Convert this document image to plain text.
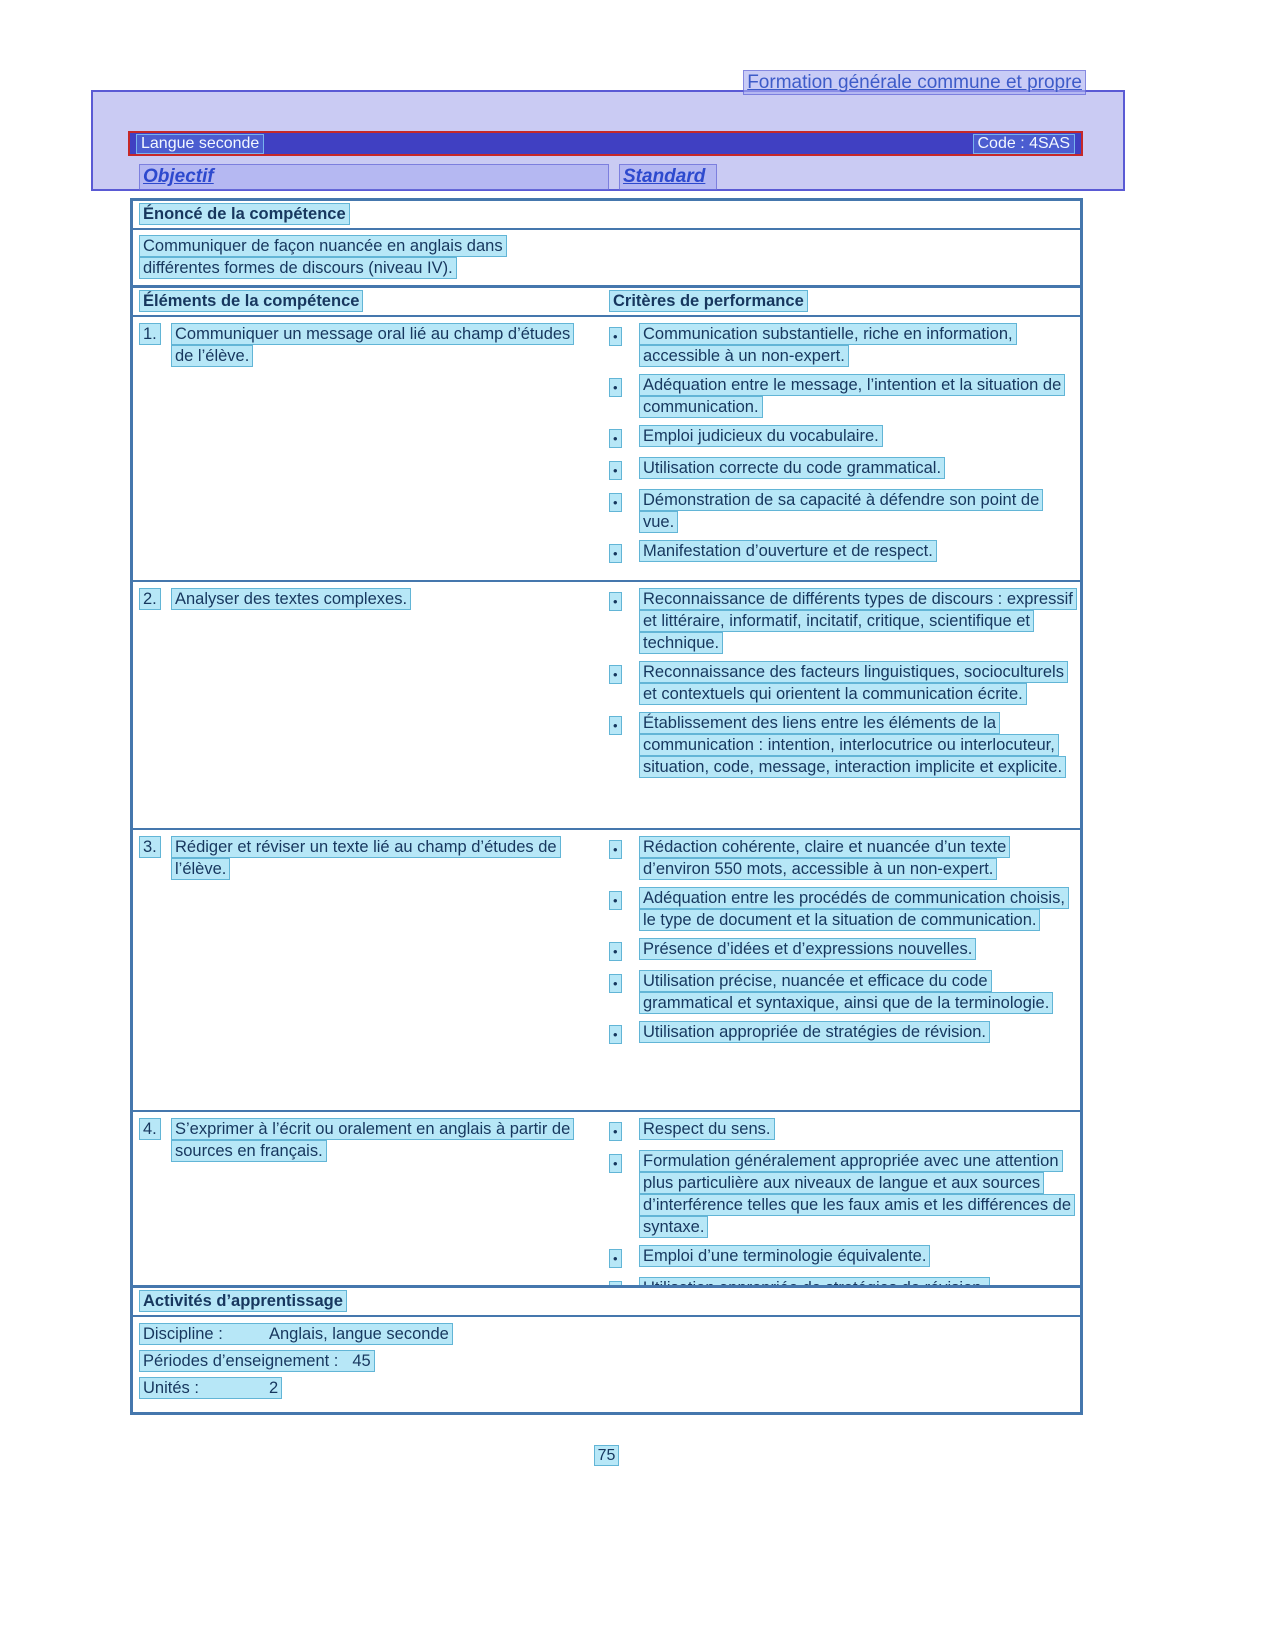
Formation générale commune et propre
Langue seconde	Code : 4SAS
Objectif	Standard
Énoncé de la compétence
Communiquer de façon nuancée en anglais dans différentes formes de discours (niveau IV).
Éléments de la compétence	Critères de performance
1.	Communiquer un message oral lié au champ d’études de l’élève.
•	Communication substantielle, riche en information, accessible à un non-expert.
•	Adéquation entre le message, l’intention et la situation de communication.
•	Emploi judicieux du vocabulaire.
•	Utilisation correcte du code grammatical.
•	Démonstration de sa capacité à défendre son point de vue.
•	Manifestation d’ouverture et de respect.
2.	Analyser des textes complexes.	•	Reconnaissance de différents types de discours : expressif et littéraire, informatif, incitatif, critique, scientifique et technique.
•	Reconnaissance des facteurs linguistiques, socioculturels et contextuels qui orientent la communication écrite.
•	Établissement des liens entre les éléments de la communication : intention, interlocutrice ou interlocuteur, situation, code, message, interaction implicite et explicite.
3.	Rédiger et réviser un texte lié au champ d’études de l’élève.
•	Rédaction cohérente, claire et nuancée d’un texte d’environ 550 mots, accessible à un non-expert.
•	Adéquation entre les procédés de communication choisis, le type de document et la situation de communication.
•	Présence d’idées et d’expressions nouvelles.
•	Utilisation précise, nuancée et efficace du code grammatical et syntaxique, ainsi que de la terminologie.
•	Utilisation appropriée de stratégies de révision.
4.	S’exprimer à l’écrit ou oralement en anglais à partir de sources en français.
•	Respect du sens.
•	Formulation généralement appropriée avec une attention plus particulière aux niveaux de langue et aux sources d’interférence telles que les faux amis et les différences de syntaxe.
•	Emploi d’une terminologie équivalente.
Activités d’apprentissage
Discipline :	Anglais, langue seconde
Périodes d’enseignement : 45
Unités :	2
75
